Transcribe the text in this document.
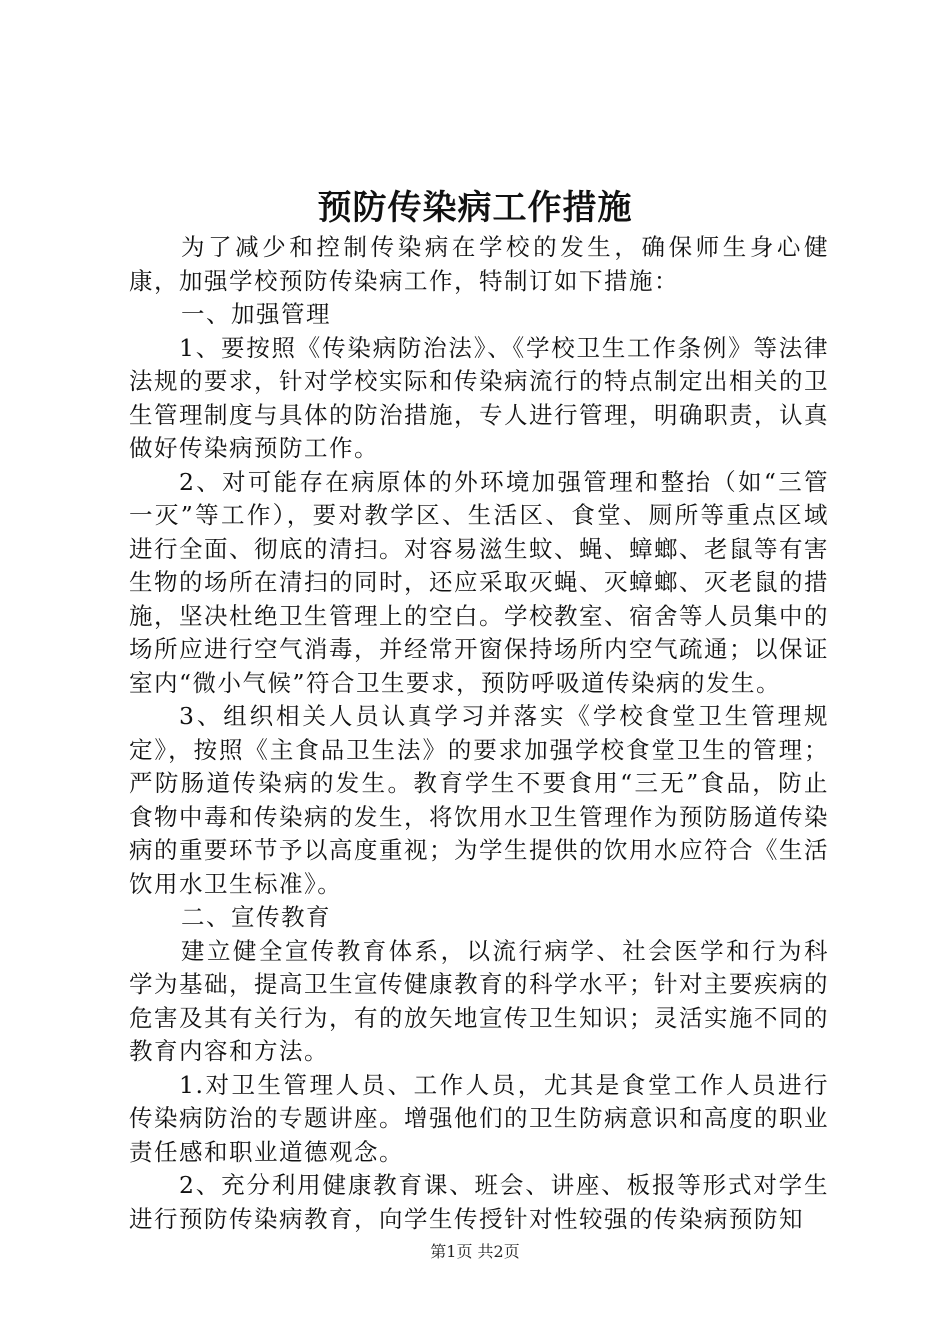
预防传染病工作措施

为了减少和控制传染病在学校的发生，确保师生身心健康，加强学校预防传染病工作，特制订如下措施：

一、加强管理

1、要按照《传染病防治法》、《学校卫生工作条例》等法律法规的要求，针对学校实际和传染病流行的特点制定出相关的卫生管理制度与具体的防治措施，专人进行管理，明确职责，认真做好传染病预防工作。

2、对可能存在病原体的外环境加强管理和整抬（如“三管一灭”等工作），要对教学区、生活区、食堂、厕所等重点区域进行全面、彻底的清扫。对容易滋生蚊、蝇、蟑螂、老鼠等有害生物的场所在清扫的同时，还应采取灭蝇、灭蟑螂、灭老鼠的措施，坚决杜绝卫生管理上的空白。学校教室、宿舍等人员集中的场所应进行空气消毒，并经常开窗保持场所内空气疏通；以保证室内“微小气候”符合卫生要求，预防呼吸道传染病的发生。

3、组织相关人员认真学习并落实《学校食堂卫生管理规定》，按照《主食品卫生法》的要求加强学校食堂卫生的管理；严防肠道传染病的发生。教育学生不要食用“三无”食品，防止食物中毒和传染病的发生，将饮用水卫生管理作为预防肠道传染病的重要环节予以高度重视；为学生提供的饮用水应符合《生活饮用水卫生标准》。

二、宣传教育

建立健全宣传教育体系，以流行病学、社会医学和行为科学为基础，提高卫生宣传健康教育的科学水平；针对主要疾病的危害及其有关行为，有的放矢地宣传卫生知识；灵活实施不同的教育内容和方法。

1.对卫生管理人员、工作人员，尤其是食堂工作人员进行传染病防治的专题讲座。增强他们的卫生防病意识和高度的职业责任感和职业道德观念。

2、充分利用健康教育课、班会、讲座、板报等形式对学生进行预防传染病教育，向学生传授针对性较强的传染病预防知

第1页 共2页
